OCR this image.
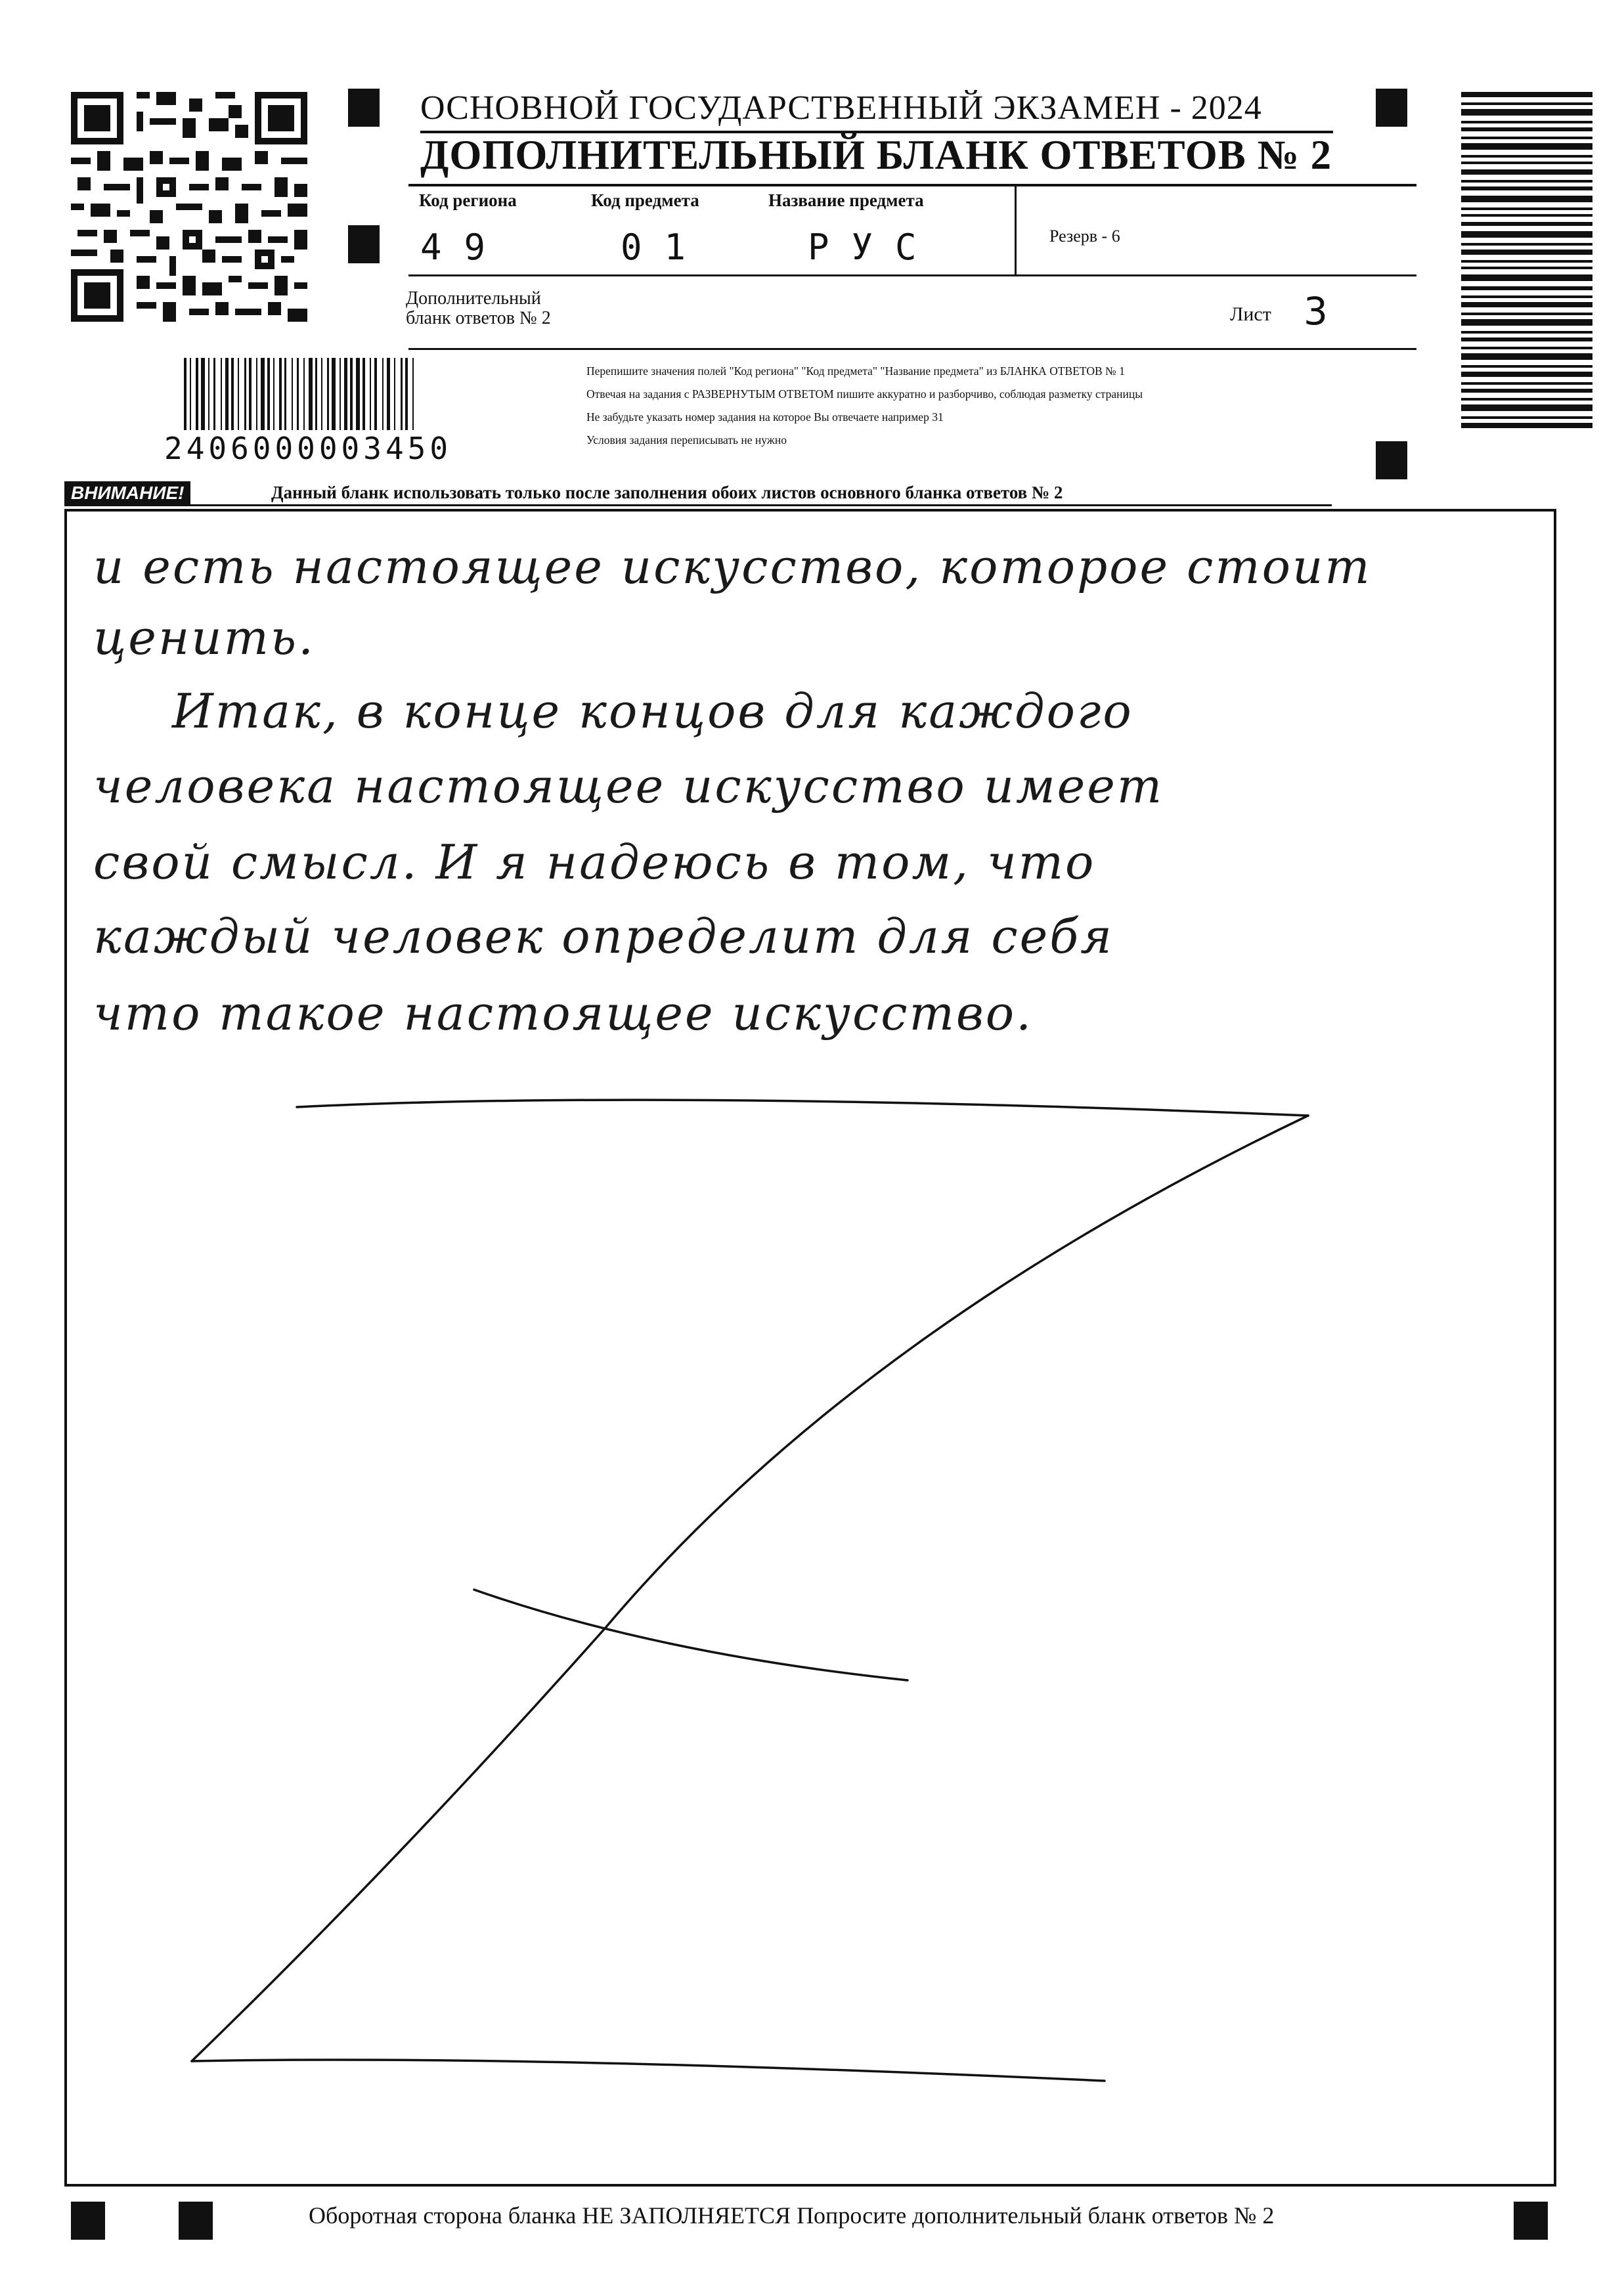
ОСНОВНОЙ ГОСУДАРСТВЕННЫЙ ЭКЗАМЕН - 2024
ДОПОЛНИТЕЛЬНЫЙ БЛАНК ОТВЕТОВ № 2
Код региона	Код предмета	Название предмета
49	01	РУС	Резерв - 6
Дополнительный
бланк ответов № 2	Лист 3
2406000003450
Перепишите значения полей "Код региона" "Код предмета" "Название предмета" из БЛАНКА ОТВЕТОВ № 1
Отвечая на задания с РАЗВЕРНУТЫМ ОТВЕТОМ пишите аккуратно и разборчиво, соблюдая разметку страницы
Не забудьте указать номер задания на которое Вы отвечаете например 31
Условия задания переписывать не нужно
ВНИМАНИЕ!	Данный бланк использовать только после заполнения обоих листов основного бланка ответов № 2
и есть настоящее искусство, которое стоит
ценить.
Итак, в конце концов для каждого
человека настоящее искусство имеет
свой смысл. И я надеюсь в том, что
каждый человек определит для себя
что такое настоящее искусство.
Оборотная сторона бланка НЕ ЗАПОЛНЯЕТСЯ Попросите дополнительный бланк ответов № 2
